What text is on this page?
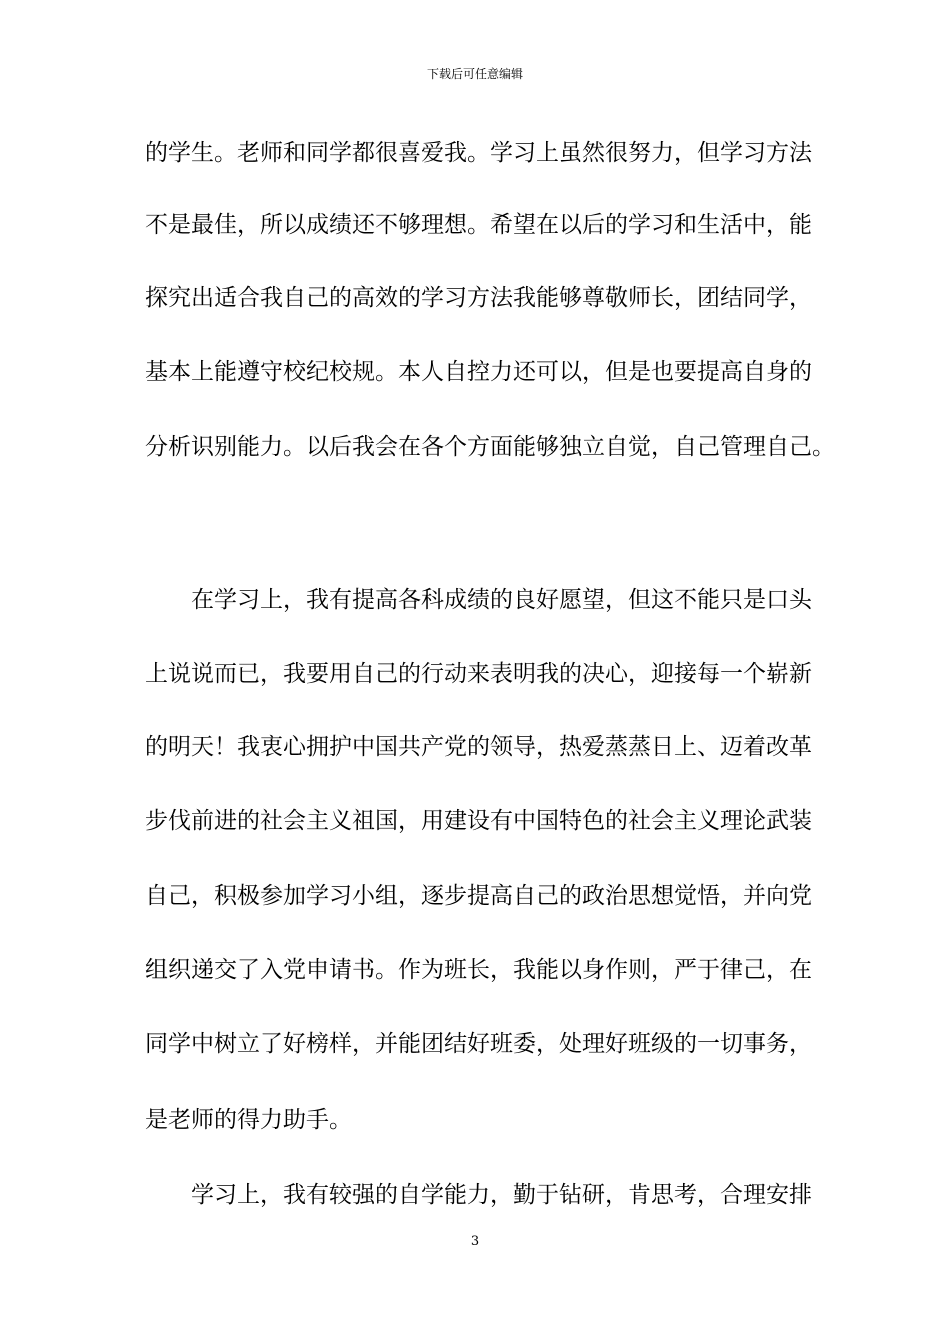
下载后可任意编辑
的学生。老师和同学都很喜爱我。学习上虽然很努力，但学习方法
不是最佳，所以成绩还不够理想。希望在以后的学习和生活中，能
探究出适合我自己的高效的学习方法我能够尊敬师长，团结同学，
基本上能遵守校纪校规。本人自控力还可以，但是也要提高自身的
分析识别能力。以后我会在各个方面能够独立自觉，自己管理自己。
在学习上，我有提高各科成绩的良好愿望，但这不能只是口头
上说说而已，我要用自己的行动来表明我的决心，迎接每一个崭新
的明天！我衷心拥护中国共产党的领导，热爱蒸蒸日上、迈着改革
步伐前进的社会主义祖国，用建设有中国特色的社会主义理论武装
自己，积极参加学习小组，逐步提高自己的政治思想觉悟，并向党
组织递交了入党申请书。作为班长，我能以身作则，严于律己，在
同学中树立了好榜样，并能团结好班委，处理好班级的一切事务，
是老师的得力助手。
学习上，我有较强的自学能力，勤于钻研，肯思考，合理安排
3
